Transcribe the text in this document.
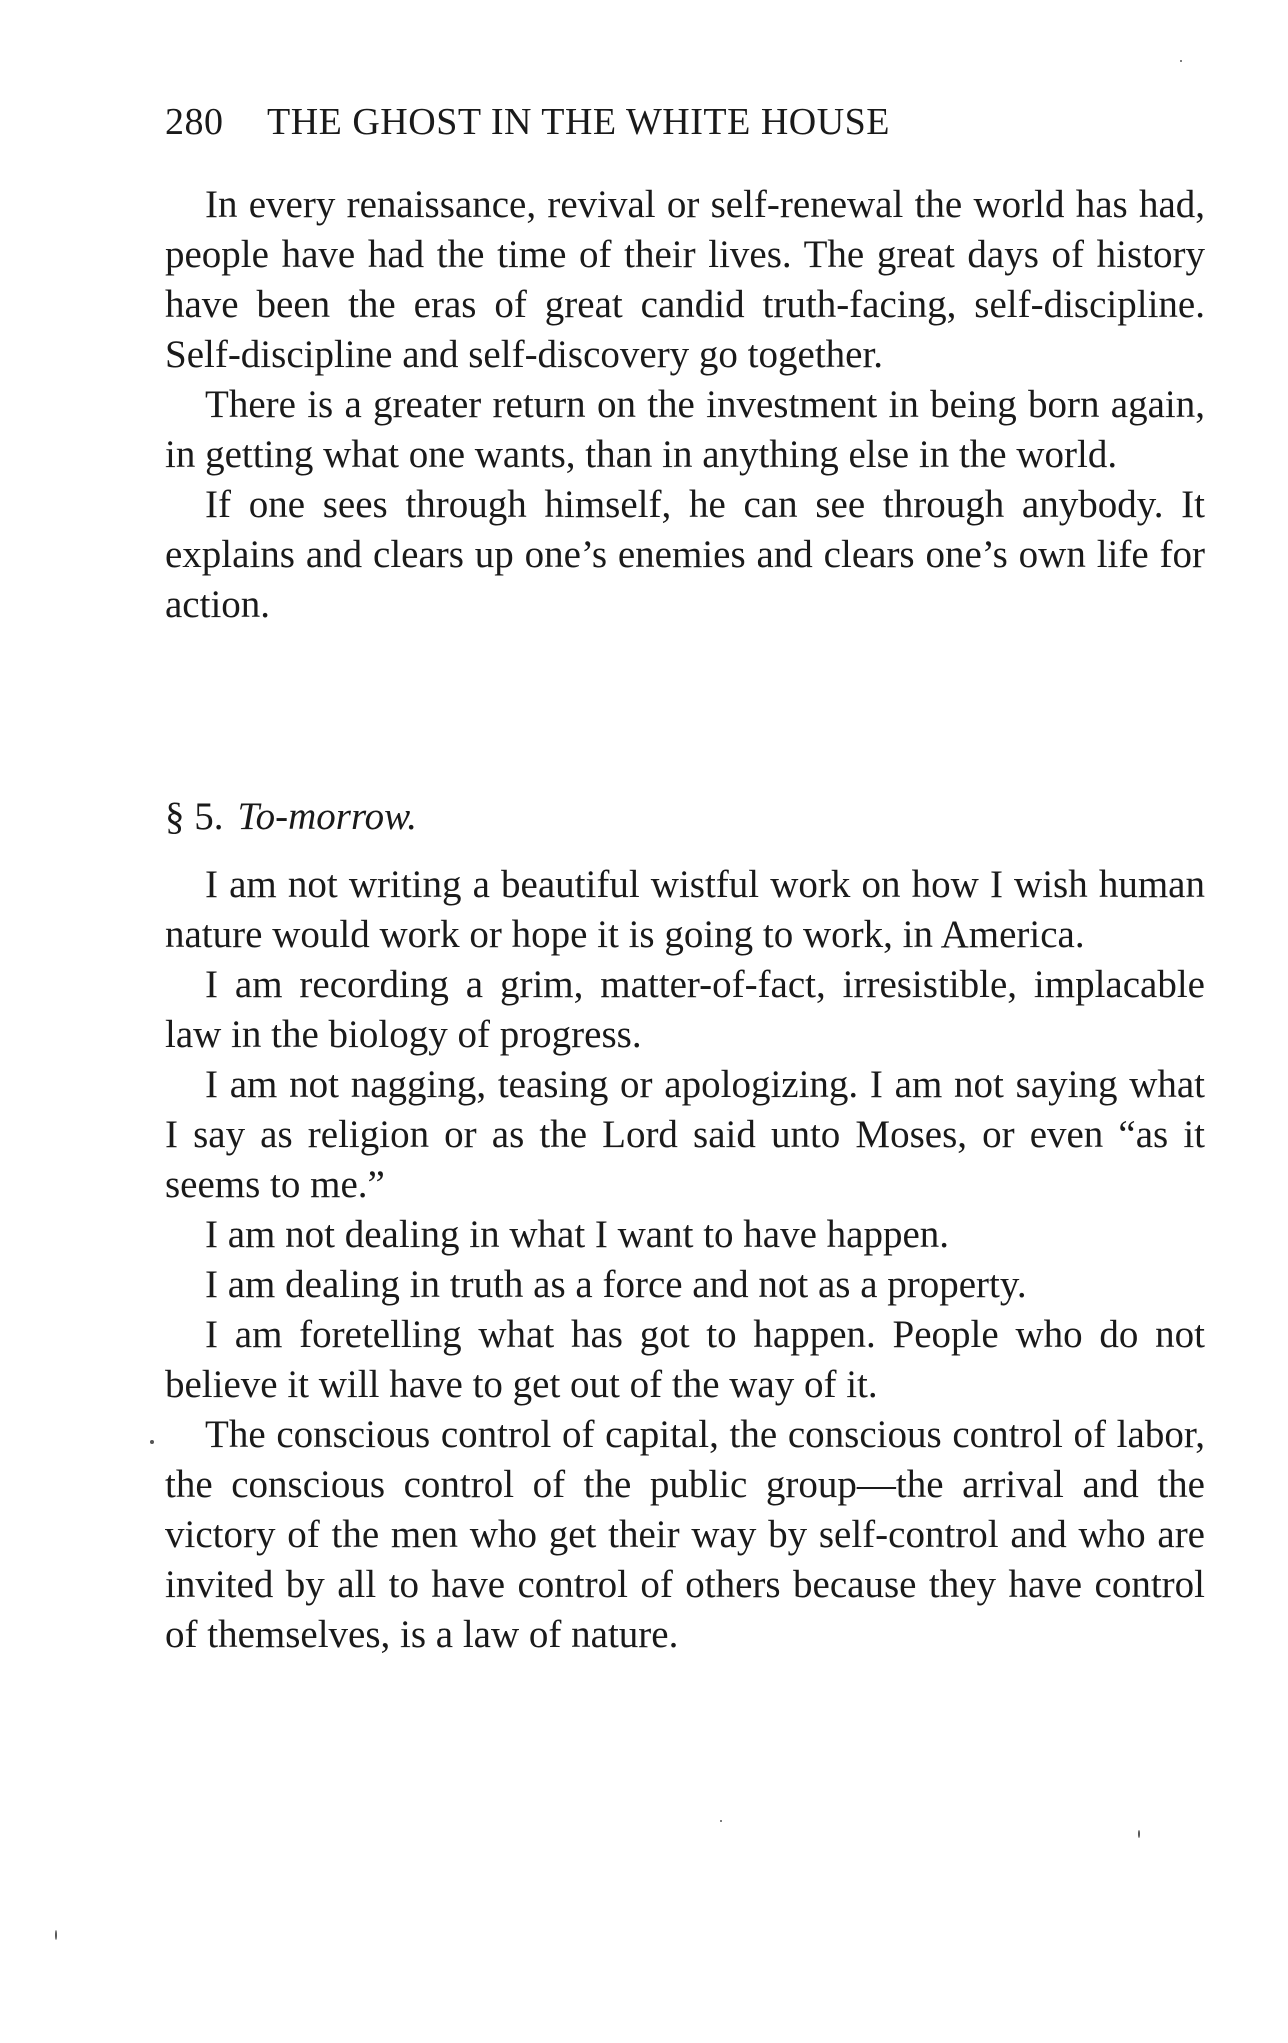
280 THE GHOST IN THE WHITE HOUSE

In every renaissance, revival or self-renewal the world has had, people have had the time of their lives. The great days of history have been the eras of great candid truth-facing, self-discipline. Self-discipline and self-discovery go together.

There is a greater return on the investment in being born again, in getting what one wants, than in anything else in the world.

If one sees through himself, he can see through anybody. It explains and clears up one’s enemies and clears one’s own life for action.

§ 5. To-morrow.

I am not writing a beautiful wistful work on how I wish human nature would work or hope it is going to work, in America.

I am recording a grim, matter-of-fact, irresistible, implacable law in the biology of progress.

I am not nagging, teasing or apologizing. I am not saying what I say as religion or as the Lord said unto Moses, or even “as it seems to me.”

I am not dealing in what I want to have happen.

I am dealing in truth as a force and not as a property.

I am foretelling what has got to happen. People who do not believe it will have to get out of the way of it.

The conscious control of capital, the conscious control of labor, the conscious control of the public group—the arrival and the victory of the men who get their way by self-control and who are invited by all to have control of others because they have control of themselves, is a law of nature.
